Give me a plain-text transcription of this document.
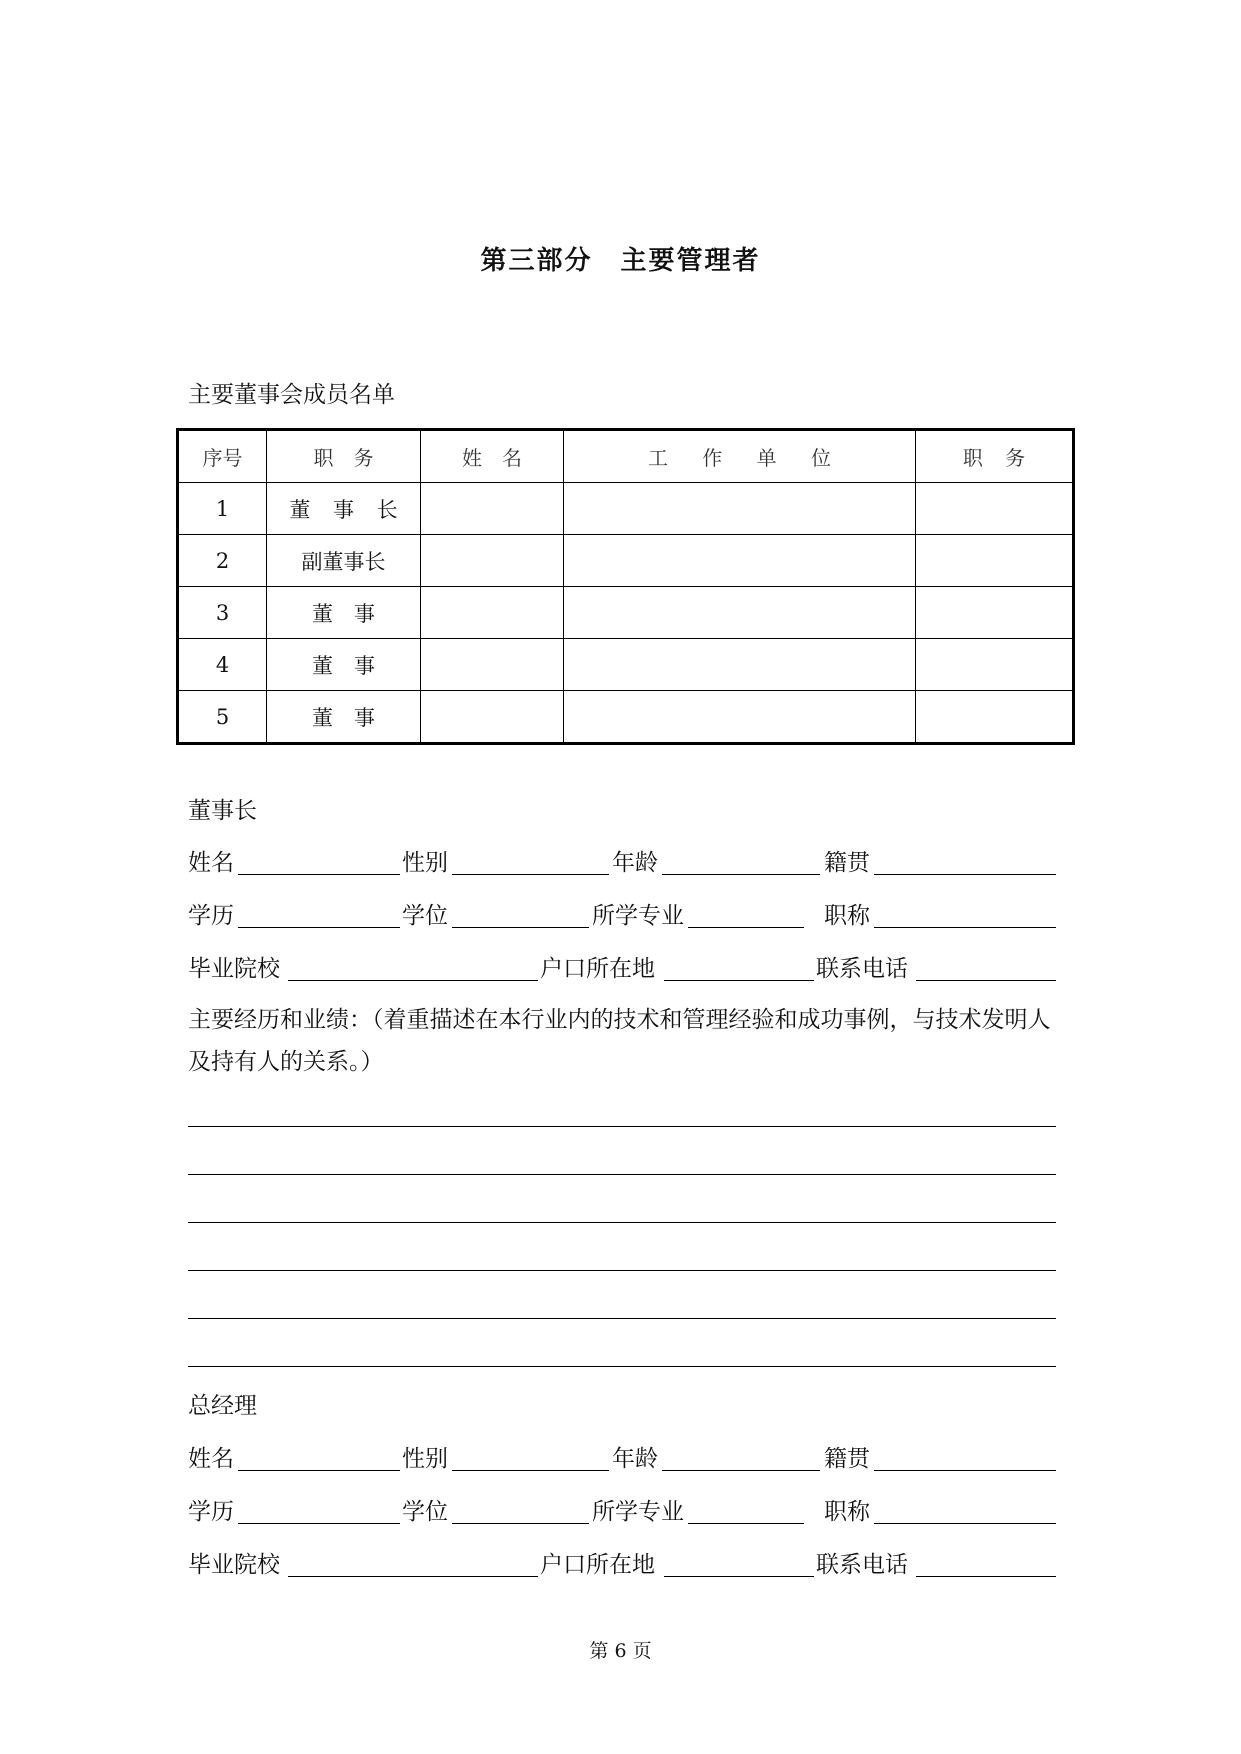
第三部分　主要管理者
主要董事会成员名单
序号	职　务	姓　名	工 作 单 位	职 务
1	董 事 长			
2	副董事长			
3	董　事			
4	董　事			
5	董　事			
董事长
姓名	性别	年龄	籍贯
学历	学位	所学专业	职称
毕业院校	户口所在地	联系电话
主要经历和业绩：（着重描述在本行业内的技术和管理经验和成功事例，与技术发明人及持有人的关系。）
总经理
姓名	性别	年龄	籍贯
学历	学位	所学专业	职称
毕业院校	户口所在地	联系电话
第 6 页
